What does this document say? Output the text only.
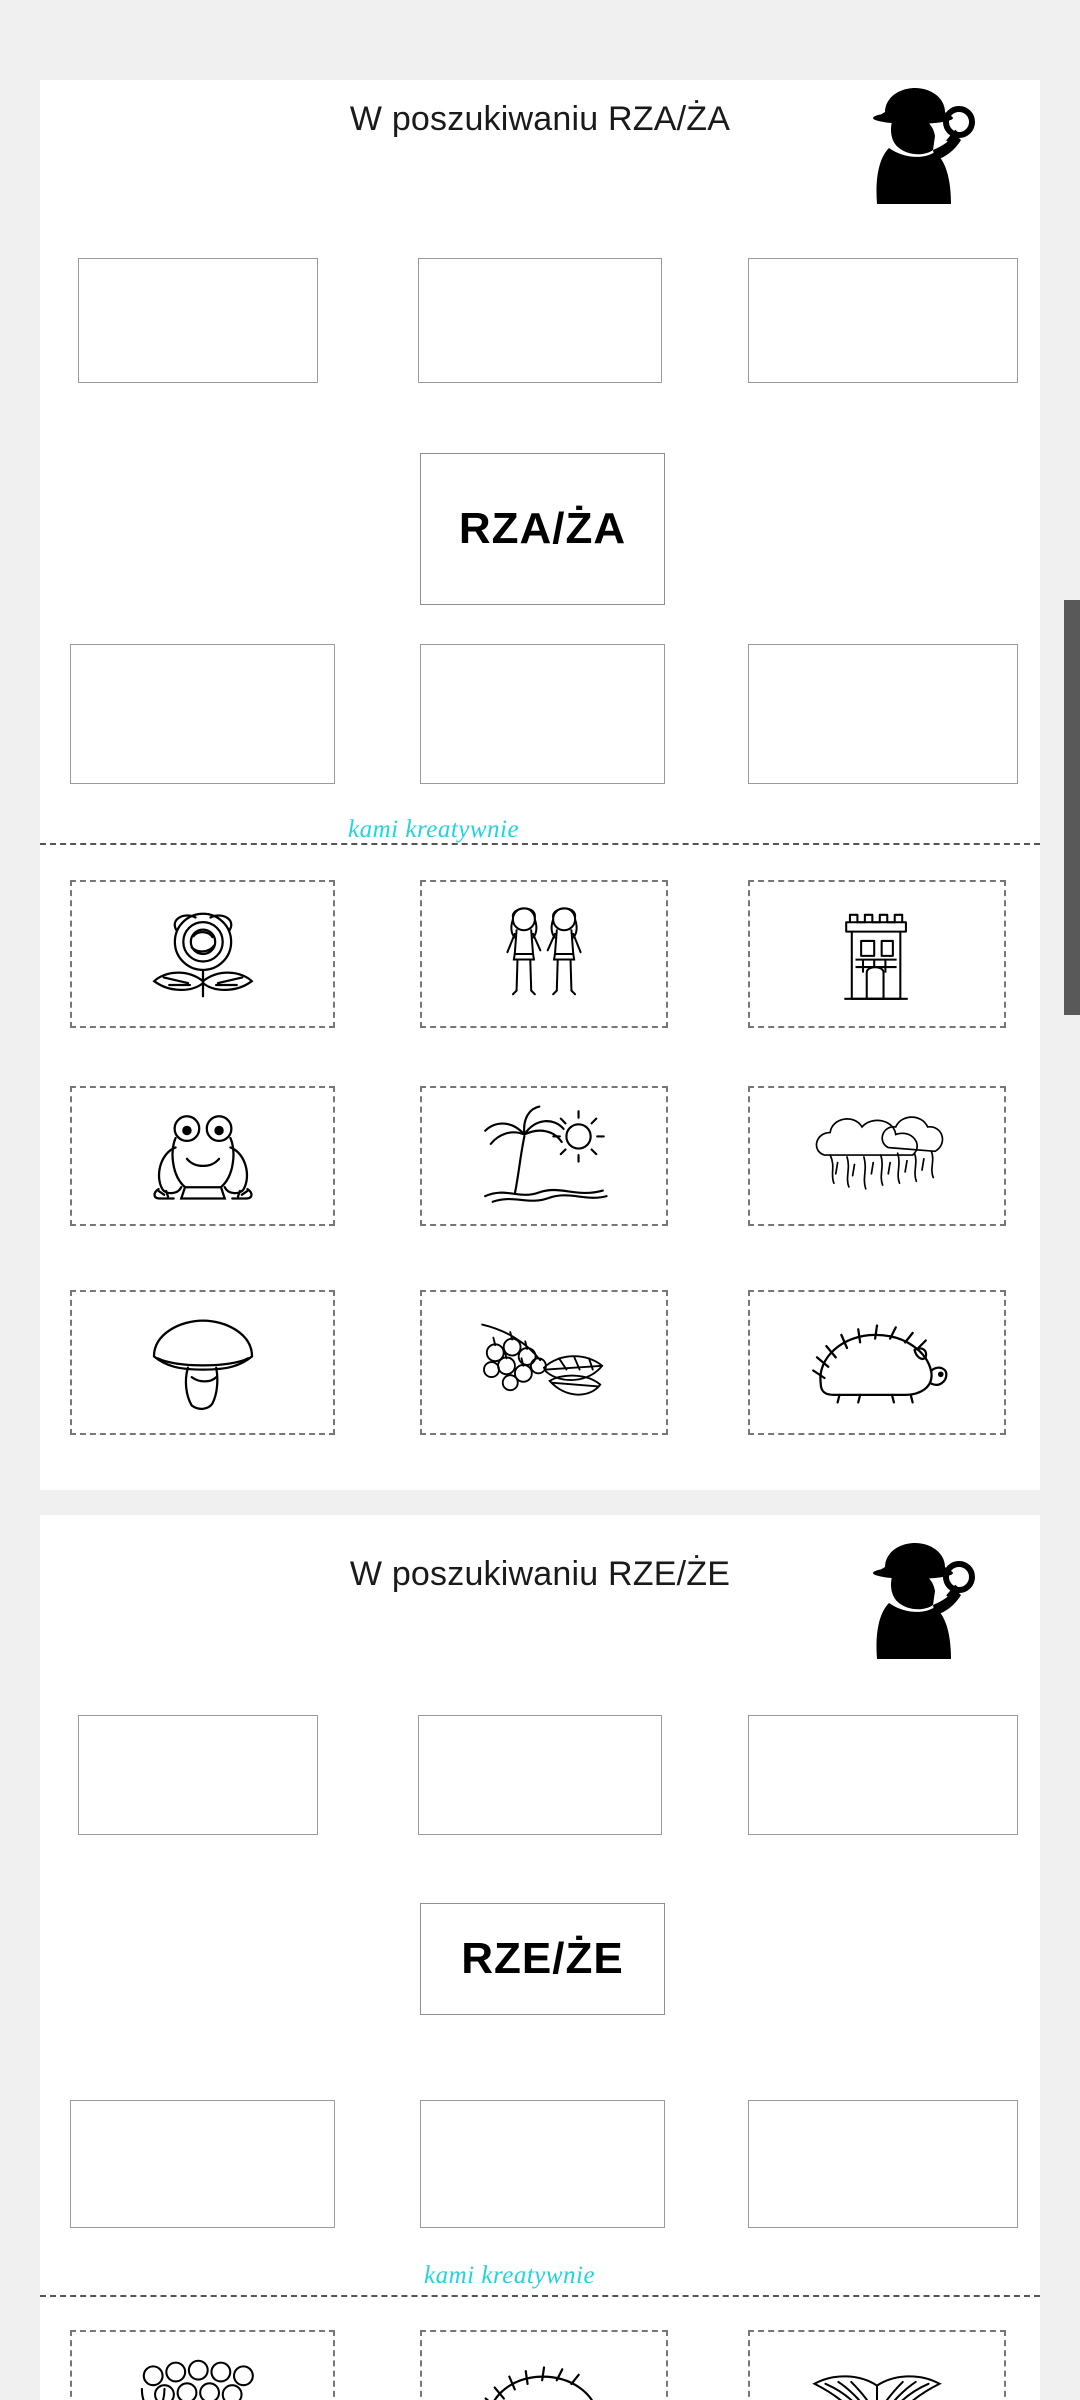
W poszukiwaniu RZA/ŻA
RZA/ŻA
kami kreatywnie
W poszukiwaniu RZE/ŻE
RZE/ŻE
kami kreatywnie
